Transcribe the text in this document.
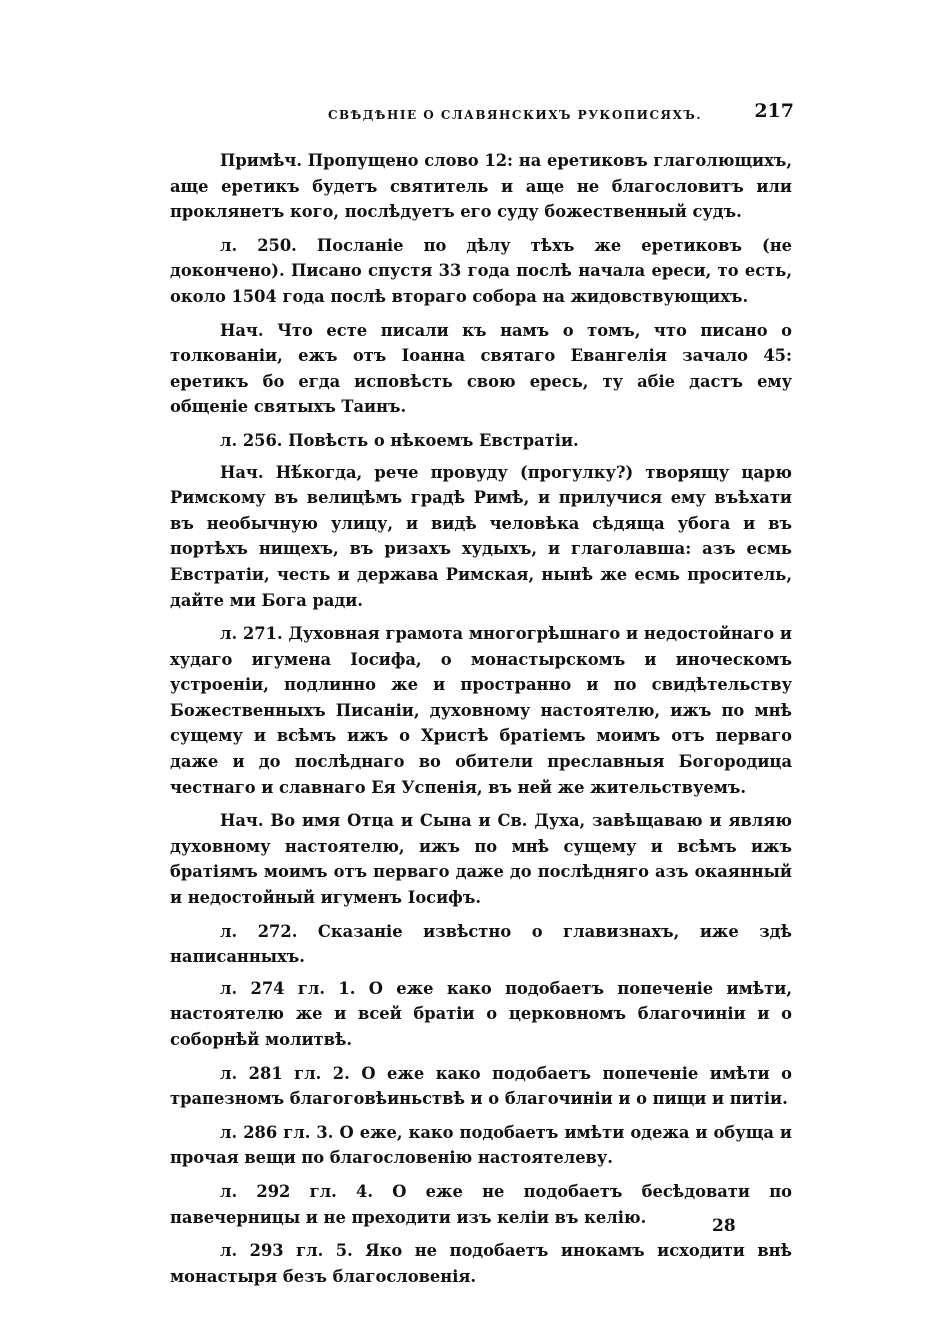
СВѢДѢНІЕ О СЛАВЯНСКИХЪ РУКОПИСЯХЪ.	217

Примѣч. Пропущено слово 12: на еретиковъ глаголющихъ, аще еретикъ будетъ святитель и аще не благословитъ или проклянетъ кого, послѣдуетъ его суду божественный судъ.

л. 250. Посланіе по дѣлу тѣхъ же еретиковъ (не докончено). Писано спустя 33 года послѣ начала ереси, то есть, около 1504 года послѣ втораго собора на жидовствующихъ.

Нач. Что есте писали къ намъ о томъ, что писано о толкованіи, ежъ отъ Іоанна святаго Евангелія зачало 45: еретикъ бо егда исповѣсть свою ересь, ту абіе дастъ ему общеніе святыхъ Таинъ.

л. 256. Повѣсть о нѣкоемъ Евстратіи.

Нач. Нѣ́когда, рече провуду (прогулку?) творящу царю Римскому въ велицѣмъ градѣ Римѣ, и прилучися ему въѣхати въ необычную улицу, и видѣ человѣка сѣдяща убога и въ портѣхъ нищехъ, въ ризахъ худыхъ, и глаголавша: азъ есмь Евстратіи, честь и держава Римская, нынѣ же есмь проситель, дайте ми Бога ради.

л. 271. Духовная грамота многогрѣшнаго и недостойнаго и худаго игумена Іосифа, о монастырскомъ и иноческомъ устроеніи, подлинно же и пространно и по свидѣтельству Божественныхъ Писаніи, духовному настоятелю, ижъ по мнѣ сущему и всѣмъ ижъ о Христѣ братіемъ моимъ отъ перваго даже и до послѣднаго во обители преславныя Богородица честнаго и славнаго Ея Успенія, въ ней же жительствуемъ.

Нач. Во имя Отца и Сына и Св. Духа, завѣщаваю и являю духовному настоятелю, ижъ по мнѣ сущему и всѣмъ ижъ братіямъ моимъ отъ перваго даже до послѣдняго азъ окаянный и недостойный игуменъ Іосифъ.

л. 272. Сказаніе извѣстно о главизнахъ, иже здѣ написанныхъ.

л. 274 гл. 1. О еже како подобаетъ попеченіе имѣти, настоятелю же и всей братіи о церковномъ благочиніи и о соборнѣй молитвѣ.

л. 281 гл. 2. О еже како подобаетъ попеченіе имѣти о трапезномъ благоговѣиньствѣ и о благочиніи и о пищи и питіи.

л. 286 гл. 3. О еже, како подобаетъ имѣти одежа и обуща и прочая вещи по благословенію настоятелеву.

л. 292 гл. 4. О еже не подобаетъ бесѣдовати по павечерницы и не преходити изъ келіи въ келію.

л. 293 гл. 5. Яко не подобаетъ инокамъ исходити внѣ монастыря безъ благословенія.

28
